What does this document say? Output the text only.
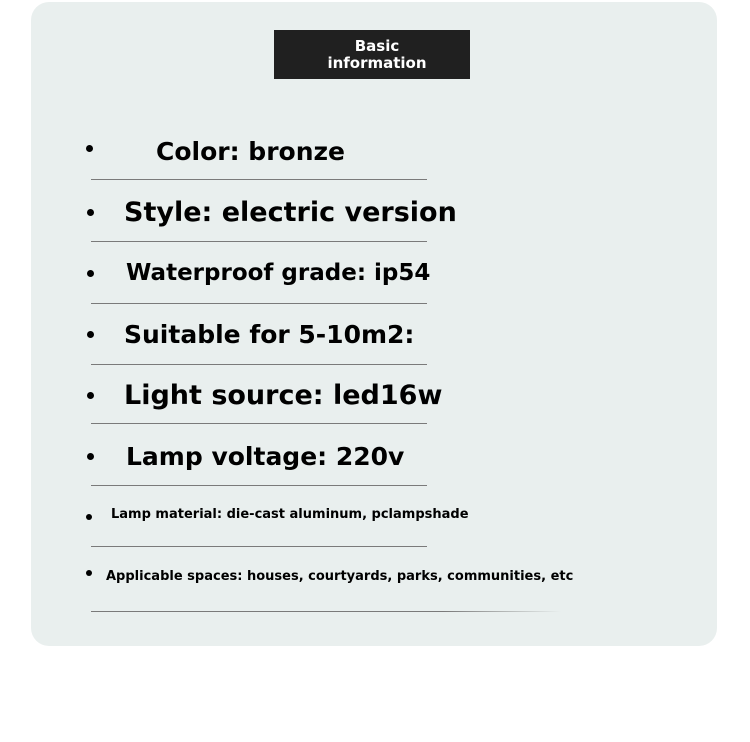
Basic
information
Color: bronze
Style: electric version
Waterproof grade: ip54
Suitable for 5-10m2:
Light source: led16w
Lamp voltage: 220v
Lamp material: die-cast aluminum, pclampshade
Applicable spaces: houses, courtyards, parks, communities, etc
